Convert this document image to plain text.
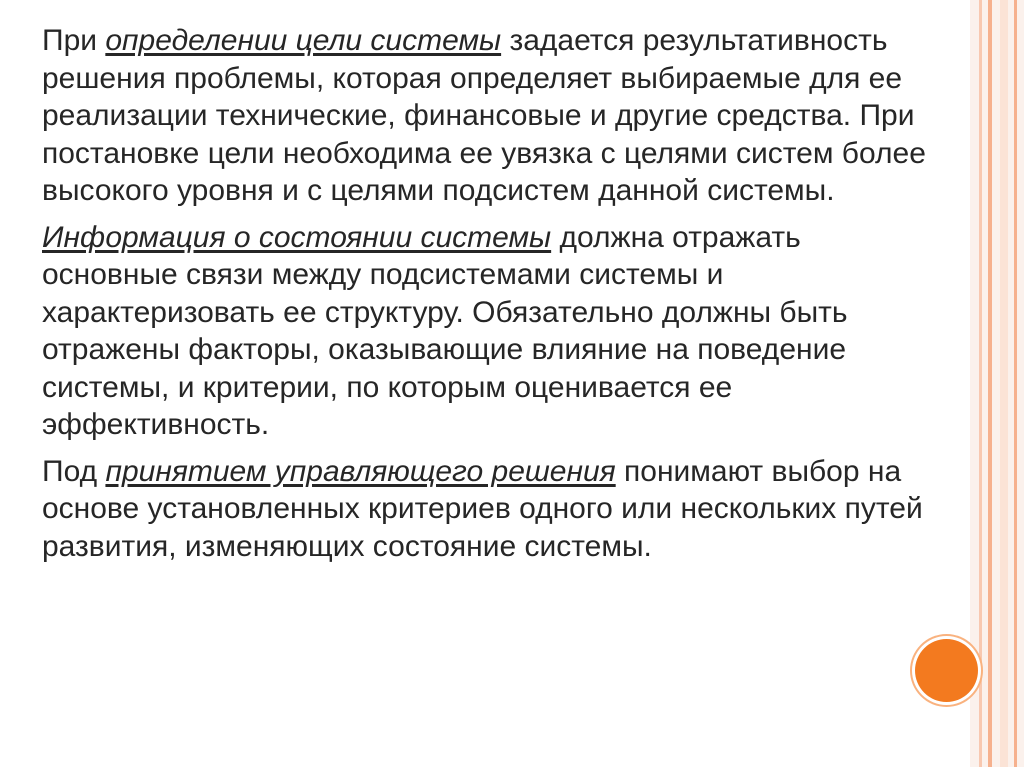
При определении цели системы задается результативность решения проблемы, которая определяет выбираемые для ее реализации технические, финансовые и другие средства. При постановке цели необходима ее увязка с целями систем более высокого уровня и с целями подсистем данной системы.

Информация о состоянии системы должна отражать основные связи между подсистемами системы и характеризовать ее структуру. Обязательно должны быть отражены факторы, оказывающие влияние на поведение системы, и критерии, по которым оценивается ее эффективность.

Под принятием управляющего решения понимают выбор на основе установленных критериев одного или нескольких путей развития, изменяющих состояние системы.
